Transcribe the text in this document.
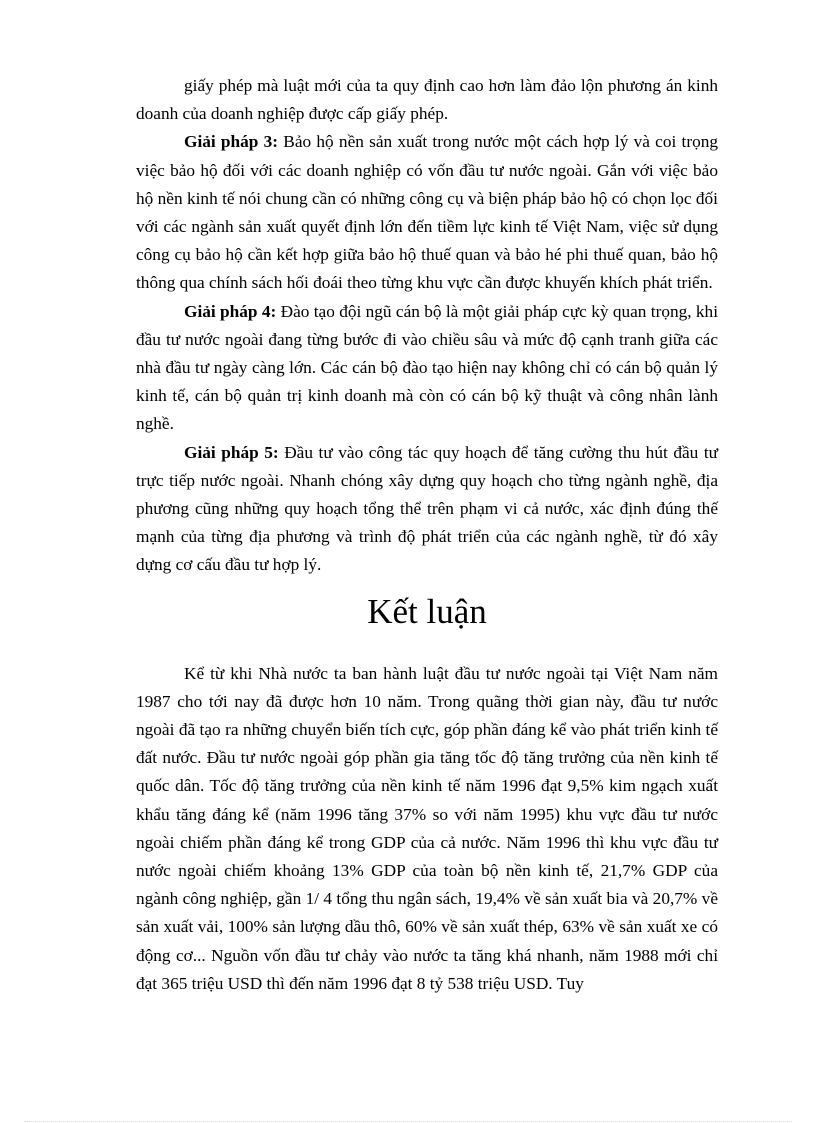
giấy phép mà luật mới của ta quy định cao hơn làm đảo lộn phương án kinh doanh của doanh nghiệp được cấp giấy phép.

Giải pháp 3: Bảo hộ nền sản xuất trong nước một cách hợp lý và coi trọng việc bảo hộ đối với các doanh nghiệp có vốn đầu tư nước ngoài. Gắn với việc bảo hộ nền kinh tế nói chung cần có những công cụ và biện pháp bảo hộ có chọn lọc đối với các ngành sản xuất quyết định lớn đến tiềm lực kinh tế Việt Nam, việc sử dụng công cụ bảo hộ cần kết hợp giữa bảo hộ thuế quan và bảo hé phi thuế quan, bảo hộ thông qua chính sách hối đoái theo từng khu vực cần được khuyến khích phát triển.

Giải pháp 4: Đào tạo đội ngũ cán bộ là một giải pháp cực kỳ quan trọng, khi đầu tư nước ngoài đang từng bước đi vào chiều sâu và mức độ cạnh tranh giữa các nhà đầu tư ngày càng lớn. Các cán bộ đào tạo hiện nay không chỉ có cán bộ quản lý kinh tế, cán bộ quản trị kinh doanh mà còn có cán bộ kỹ thuật và công nhân lành nghề.

Giải pháp 5: Đầu tư vào công tác quy hoạch để tăng cường thu hút đầu tư trực tiếp nước ngoài. Nhanh chóng xây dựng quy hoạch cho từng ngành nghề, địa phương cũng những quy hoạch tổng thể trên phạm vi cả nước, xác định đúng thế mạnh của từng địa phương và trình độ phát triển của các ngành nghề, từ đó xây dựng cơ cấu đầu tư hợp lý.

Kết luận

Kể từ khi Nhà nước ta ban hành luật đầu tư nước ngoài tại Việt Nam năm 1987 cho tới nay đã được hơn 10 năm. Trong quãng thời gian này, đầu tư nước ngoài đã tạo ra những chuyển biến tích cực, góp phần đáng kể vào phát triển kinh tế đất nước. Đầu tư nước ngoài góp phần gia tăng tốc độ tăng trưởng của nền kinh tế quốc dân. Tốc độ tăng trưởng của nền kinh tế năm 1996 đạt 9,5% kim ngạch xuất khẩu tăng đáng kể (năm 1996 tăng 37% so với năm 1995) khu vực đầu tư nước ngoài chiếm phần đáng kể trong GDP của cả nước. Năm 1996 thì khu vực đầu tư nước ngoài chiếm khoảng 13% GDP của toàn bộ nền kinh tế, 21,7% GDP của ngành công nghiệp, gần 1/ 4 tổng thu ngân sách, 19,4% về sản xuất bia và 20,7% về sản xuất vải, 100% sản lượng dầu thô, 60% về sản xuất thép, 63% về sản xuất xe có động cơ... Nguồn vốn đầu tư chảy vào nước ta tăng khá nhanh, năm 1988 mới chỉ đạt 365 triệu USD thì đến năm 1996 đạt 8 tỷ 538 triệu USD. Tuy
